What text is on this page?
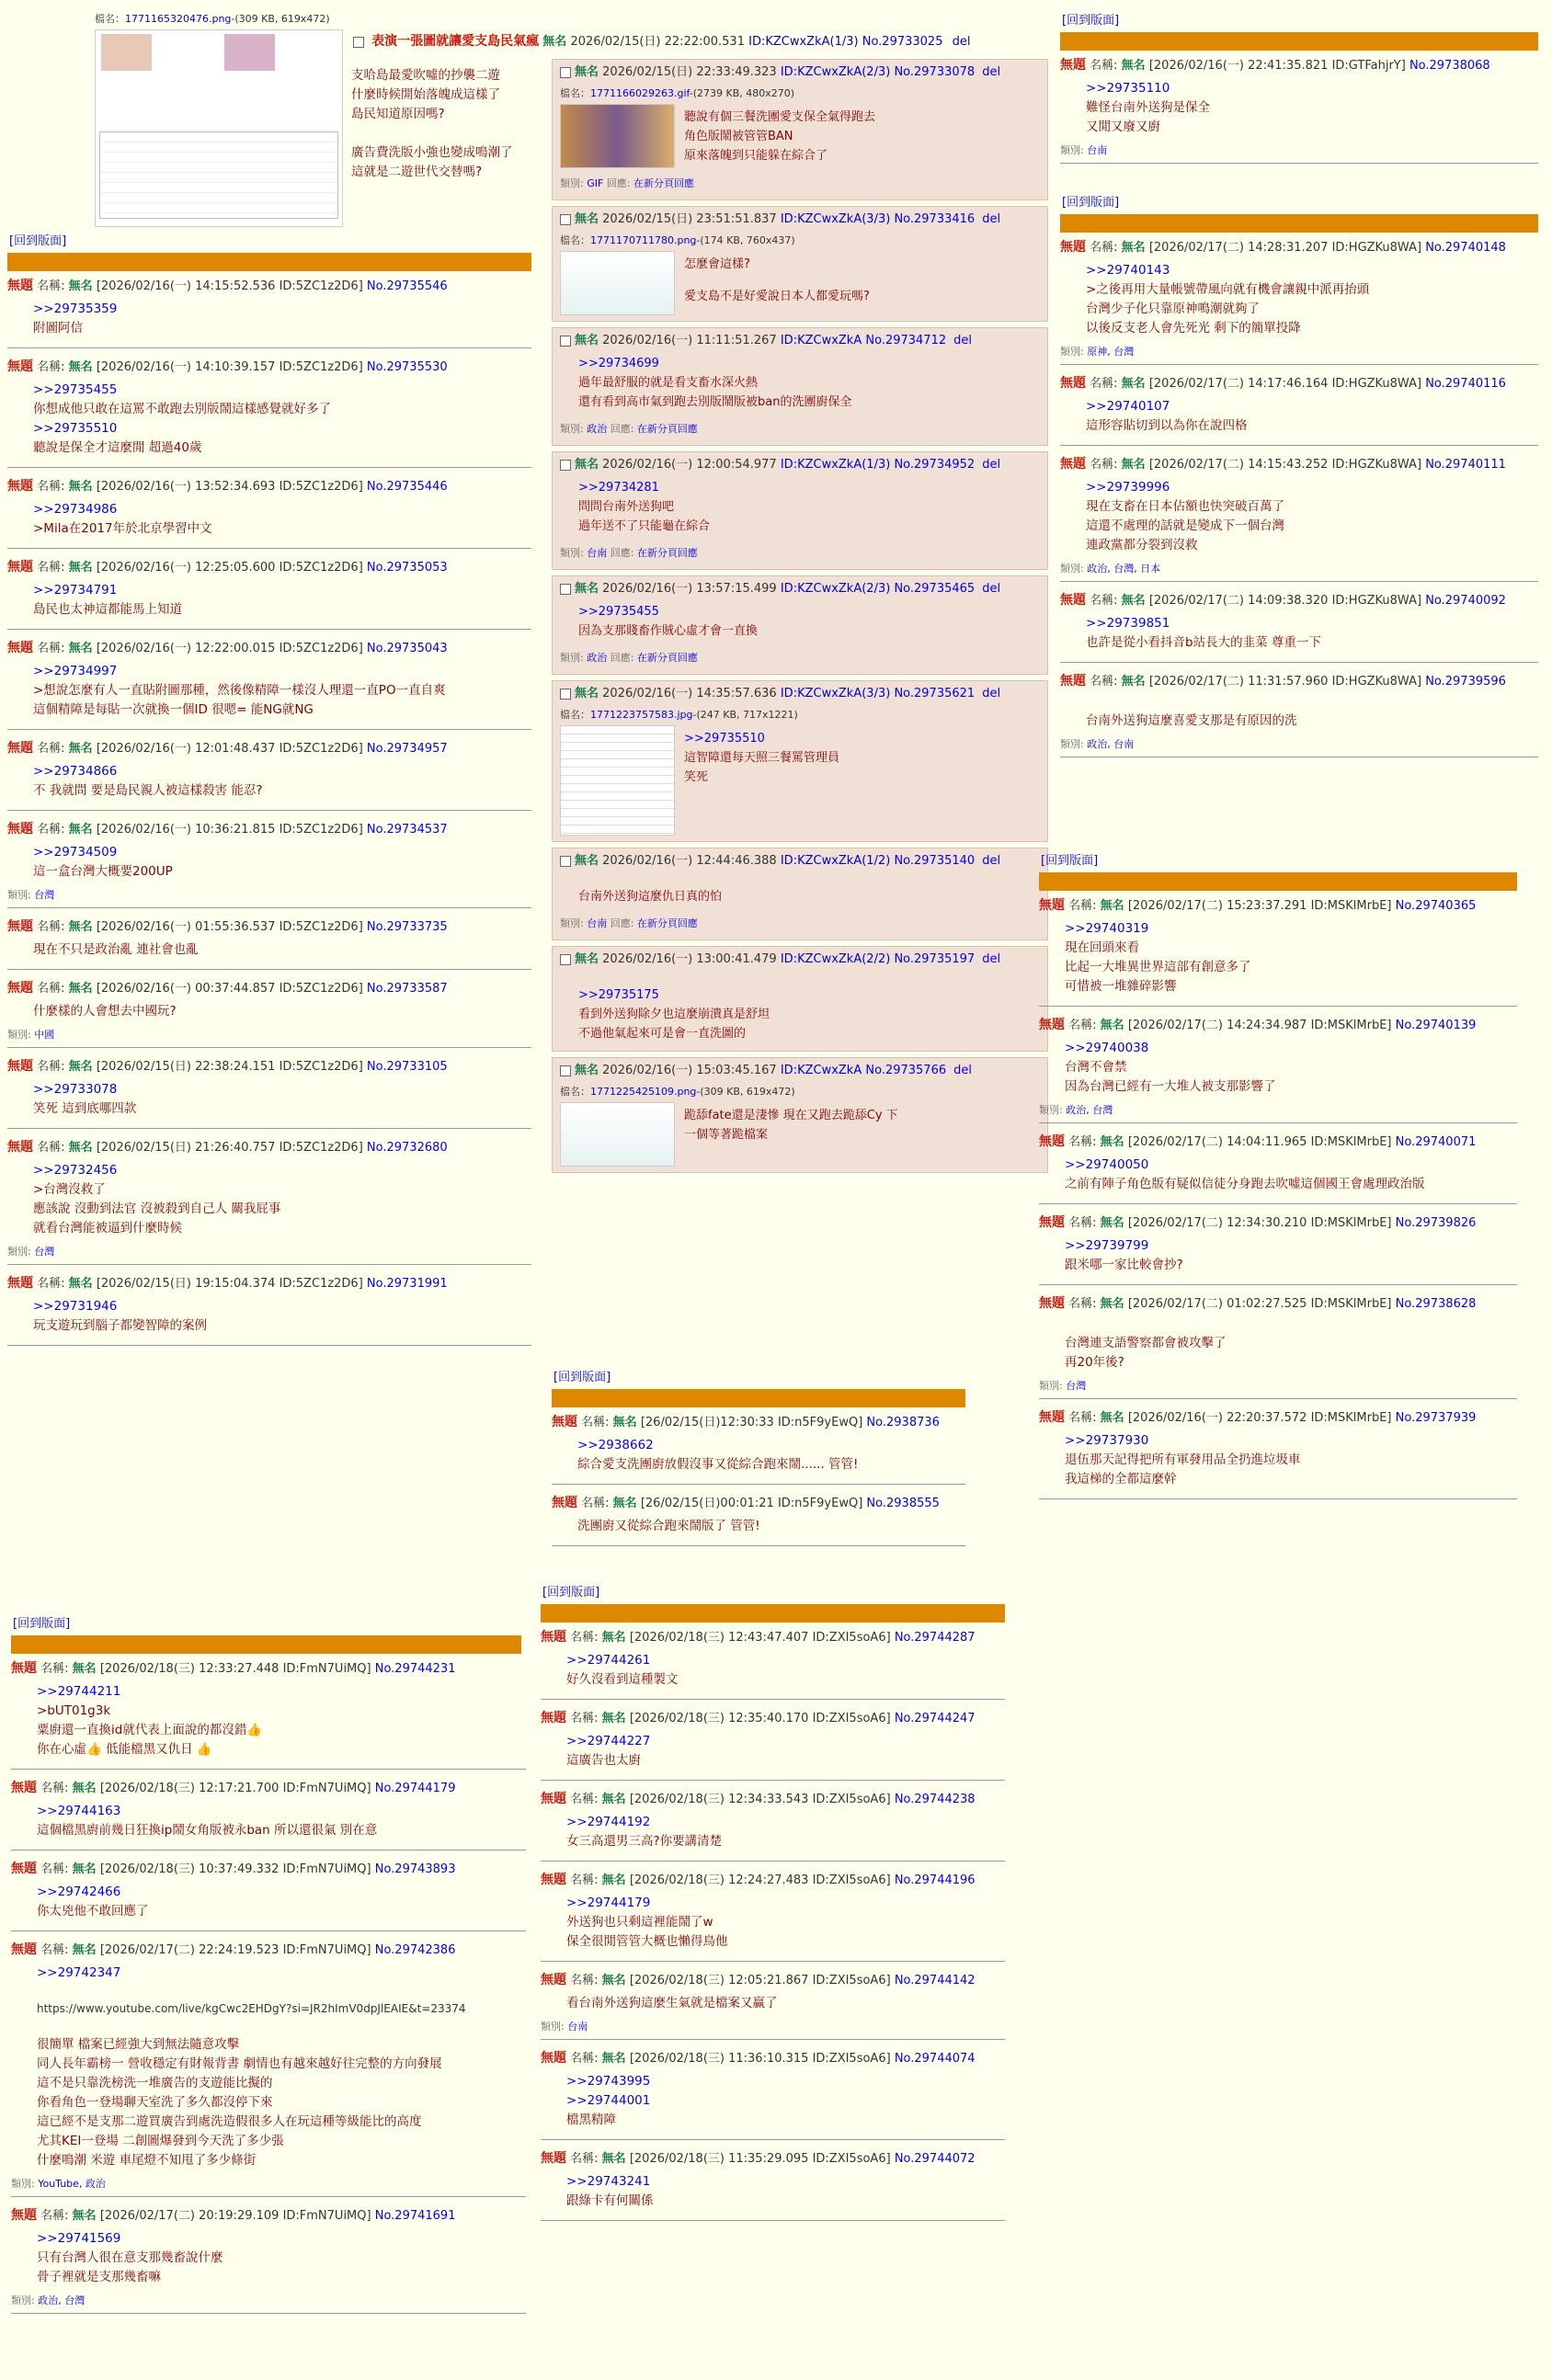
檔名：1771165320476.png-(309 KB, 619x472)
表演一張圖就讓愛支島民氣瘋 無名 2026/02/15(日) 22:22:00.531 ID:KZCwxZkA(1/3) No.29733025 del
支哈島最愛吹噓的抄襲二遊
什麼時候開始落魄成這樣了
島民知道原因嗎?
廣告費洗版小強也變成鳴潮了
這就是二遊世代交替嗎?
[回到版面]
無題 名稱: 無名 [2026/02/16(一) 14:15:52.536 ID:5ZC1z2D6] No.29735546
>>29735359
附圖阿信
無題 名稱: 無名 [2026/02/16(一) 14:10:39.157 ID:5ZC1z2D6] No.29735530
>>29735455
你想成他只敢在這罵不敢跑去別版鬧這樣感覺就好多了
>>29735510
聽說是保全才這麼閒 超過40歲
無題 名稱: 無名 [2026/02/16(一) 13:52:34.693 ID:5ZC1z2D6] No.29735446
>>29734986
>Mila在2017年於北京學習中文
無題 名稱: 無名 [2026/02/16(一) 12:25:05.600 ID:5ZC1z2D6] No.29735053
>>29734791
島民也太神這都能馬上知道
無題 名稱: 無名 [2026/02/16(一) 12:22:00.015 ID:5ZC1z2D6] No.29735043
>>29734997
>想說怎麼有人一直貼附圖那種，然後像精障一樣沒人理還一直PO一直自爽
這個精障是每貼一次就換一個ID 很嗯= 能NG就NG
無題 名稱: 無名 [2026/02/16(一) 12:01:48.437 ID:5ZC1z2D6] No.29734957
>>29734866
不 我就問 要是島民親人被這樣殺害 能忍?
無題 名稱: 無名 [2026/02/16(一) 10:36:21.815 ID:5ZC1z2D6] No.29734537
>>29734509
這一盒台灣大概要200UP
類別: 台灣
無題 名稱: 無名 [2026/02/16(一) 01:55:36.537 ID:5ZC1z2D6] No.29733735
現在不只是政治亂 連社會也亂
無題 名稱: 無名 [2026/02/16(一) 00:37:44.857 ID:5ZC1z2D6] No.29733587
什麼樣的人會想去中國玩?
類別: 中國
無題 名稱: 無名 [2026/02/15(日) 22:38:24.151 ID:5ZC1z2D6] No.29733105
>>29733078
笑死 這到底哪四款
無題 名稱: 無名 [2026/02/15(日) 21:26:40.757 ID:5ZC1z2D6] No.29732680
>>29732456
>台灣沒救了
應該說 沒動到法官 沒被殺到自己人 關我屁事
就看台灣能被逼到什麼時候
類別: 台灣
無題 名稱: 無名 [2026/02/15(日) 19:15:04.374 ID:5ZC1z2D6] No.29731991
>>29731946
玩支遊玩到腦子都變智障的案例
[回到版面]
無題 名稱: 無名 [2026/02/18(三) 12:33:27.448 ID:FmN7UiMQ] No.29744231
>>29744211
>bUT01g3k
粟廚還一直換id就代表上面說的都沒錯👍
你在心虛👍 低能檔黑又仇日 👍
無題 名稱: 無名 [2026/02/18(三) 12:17:21.700 ID:FmN7UiMQ] No.29744179
>>29744163
這個檔黑廚前幾日狂換ip鬧女角版被永ban 所以還很氣 別在意
無題 名稱: 無名 [2026/02/18(三) 10:37:49.332 ID:FmN7UiMQ] No.29743893
>>29742466
你太兇他不敢回應了
無題 名稱: 無名 [2026/02/17(二) 22:24:19.523 ID:FmN7UiMQ] No.29742386
>>29742347
https://www.youtube.com/live/kgCwc2EHDgY?si=JR2hImV0dpJlEAIE&t=23374
很簡單 檔案已經強大到無法隨意攻擊
同人長年霸榜一 營收穩定有財報背書 劇情也有越來越好往完整的方向發展
這不是只靠洗榜洗一堆廣告的支遊能比擬的
你看角色一登場聊天室洗了多久都沒停下來
這已經不是支那二遊買廣告到處洗造假很多人在玩這種等級能比的高度
尤其KEI一登場 二創圖爆發到今天洗了多少張
什麼鳴潮 米遊 車尾燈不知甩了多少條街
類別: YouTube, 政治
無題 名稱: 無名 [2026/02/17(二) 20:19:29.109 ID:FmN7UiMQ] No.29741691
>>29741569
只有台灣人很在意支那幾畜說什麼
骨子裡就是支那幾畜嘛
類別: 政治, 台灣
無名 2026/02/15(日) 22:33:49.323 ID:KZCwxZkA(2/3) No.29733078 del
檔名：1771166029263.gif-(2739 KB, 480x270)
聽說有個三餐洗團愛支保全氣得跑去
角色版鬧被管管BAN
原來落魄到只能躲在綜合了
類別: GIF 回應: 在新分頁回應
無名 2026/02/15(日) 23:51:51.837 ID:KZCwxZkA(3/3) No.29733416 del
檔名：1771170711780.png-(174 KB, 760x437)
怎麼會這樣?
愛支島不是好愛說日本人都愛玩嗎?
無名 2026/02/16(一) 11:11:51.267 ID:KZCwxZkA No.29734712 del
>>29734699
過年最舒服的就是看支畜水深火熱
還有看到高市氣到跑去別版鬧版被ban的洗團廚保全
類別: 政治 回應: 在新分頁回應
無名 2026/02/16(一) 12:00:54.977 ID:KZCwxZkA(1/3) No.29734952 del
>>29734281
問問台南外送狗吧
過年送不了只能龜在綜合
類別: 台南 回應: 在新分頁回應
無名 2026/02/16(一) 13:57:15.499 ID:KZCwxZkA(2/3) No.29735465 del
>>29735455
因為支那賤畜作賊心虛才會一直換
類別: 政治 回應: 在新分頁回應
無名 2026/02/16(一) 14:35:57.636 ID:KZCwxZkA(3/3) No.29735621 del
檔名：1771223757583.jpg-(247 KB, 717x1221)
>>29735510
這智障還每天照三餐罵管理員
笑死
無名 2026/02/16(一) 12:44:46.388 ID:KZCwxZkA(1/2) No.29735140 del
台南外送狗這麼仇日真的怕
類別: 台南 回應: 在新分頁回應
無名 2026/02/16(一) 13:00:41.479 ID:KZCwxZkA(2/2) No.29735197 del
>>29735175
看到外送狗除夕也這麼崩潰真是舒坦
不過他氣起來可是會一直洗圖的
無名 2026/02/16(一) 15:03:45.167 ID:KZCwxZkA No.29735766 del
檔名：1771225425109.png-(309 KB, 619x472)
跪舔fate還是淒慘 現在又跑去跪舔Cy 下
一個等著跪檔案
[回到版面]
無題 名稱: 無名 [26/02/15(日)12:30:33 ID:n5F9yEwQ] No.2938736
>>2938662
綜合愛支洗團廚放假沒事又從綜合跑來鬧...... 管管!
無題 名稱: 無名 [26/02/15(日)00:01:21 ID:n5F9yEwQ] No.2938555
洗團廚又從綜合跑來鬧版了 管管!
[回到版面]
無題 名稱: 無名 [2026/02/18(三) 12:43:47.407 ID:ZXI5soA6] No.29744287
>>29744261
好久沒看到這種製文
無題 名稱: 無名 [2026/02/18(三) 12:35:40.170 ID:ZXI5soA6] No.29744247
>>29744227
這廣告也太廚
無題 名稱: 無名 [2026/02/18(三) 12:34:33.543 ID:ZXI5soA6] No.29744238
>>29744192
女三高還男三高?你要講清楚
無題 名稱: 無名 [2026/02/18(三) 12:24:27.483 ID:ZXI5soA6] No.29744196
>>29744179
外送狗也只剩這裡能鬧了w
保全很閒管管大概也懶得鳥他
無題 名稱: 無名 [2026/02/18(三) 12:05:21.867 ID:ZXI5soA6] No.29744142
看台南外送狗這麼生氣就是檔案又贏了
類別: 台南
無題 名稱: 無名 [2026/02/18(三) 11:36:10.315 ID:ZXI5soA6] No.29744074
>>29743995
>>29744001
檔黑精障
無題 名稱: 無名 [2026/02/18(三) 11:35:29.095 ID:ZXI5soA6] No.29744072
>>29743241
跟綠卡有何關係
[回到版面]
無題 名稱: 無名 [2026/02/16(一) 22:41:35.821 ID:GTFahjrY] No.29738068
>>29735110
難怪台南外送狗是保全
又閒又廢又廚
類別: 台南
[回到版面]
無題 名稱: 無名 [2026/02/17(二) 14:28:31.207 ID:HGZKu8WA] No.29740148
>>29740143
>之後再用大量帳號帶風向就有機會讓親中派再抬頭
台灣少子化只靠原神鳴潮就夠了
以後反支老人會先死光 剩下的簡單投降
類別: 原神, 台灣
無題 名稱: 無名 [2026/02/17(二) 14:17:46.164 ID:HGZKu8WA] No.29740116
>>29740107
這形容貼切到以為你在說四格
無題 名稱: 無名 [2026/02/17(二) 14:15:43.252 ID:HGZKu8WA] No.29740111
>>29739996
現在支畜在日本佔額也快突破百萬了
這還不處理的話就是變成下一個台灣
連政黨都分裂到沒救
類別: 政治, 台灣, 日本
無題 名稱: 無名 [2026/02/17(二) 14:09:38.320 ID:HGZKu8WA] No.29740092
>>29739851
也許是從小看抖音b站長大的韭菜 尊重一下
無題 名稱: 無名 [2026/02/17(二) 11:31:57.960 ID:HGZKu8WA] No.29739596
台南外送狗這麼喜愛支那是有原因的洗
類別: 政治, 台南
[回到版面]
無題 名稱: 無名 [2026/02/17(二) 15:23:37.291 ID:MSKlMrbE] No.29740365
>>29740319
現在回頭來看
比起一大堆異世界這部有創意多了
可惜被一堆雜碎影響
無題 名稱: 無名 [2026/02/17(二) 14:24:34.987 ID:MSKlMrbE] No.29740139
>>29740038
台灣不會禁
因為台灣已經有一大堆人被支那影響了
類別: 政治, 台灣
無題 名稱: 無名 [2026/02/17(二) 14:04:11.965 ID:MSKlMrbE] No.29740071
>>29740050
之前有陣子角色版有疑似信徒分身跑去吹噓這個國王會處理政治版
無題 名稱: 無名 [2026/02/17(二) 12:34:30.210 ID:MSKlMrbE] No.29739826
>>29739799
跟米哪一家比較會抄?
無題 名稱: 無名 [2026/02/17(二) 01:02:27.525 ID:MSKlMrbE] No.29738628
台灣連支語警察都會被攻擊了
再20年後?
類別: 台灣
無題 名稱: 無名 [2026/02/16(一) 22:20:37.572 ID:MSKlMrbE] No.29737939
>>29737930
退伍那天記得把所有軍發用品全扔進垃圾車
我這梯的全都這麼幹
